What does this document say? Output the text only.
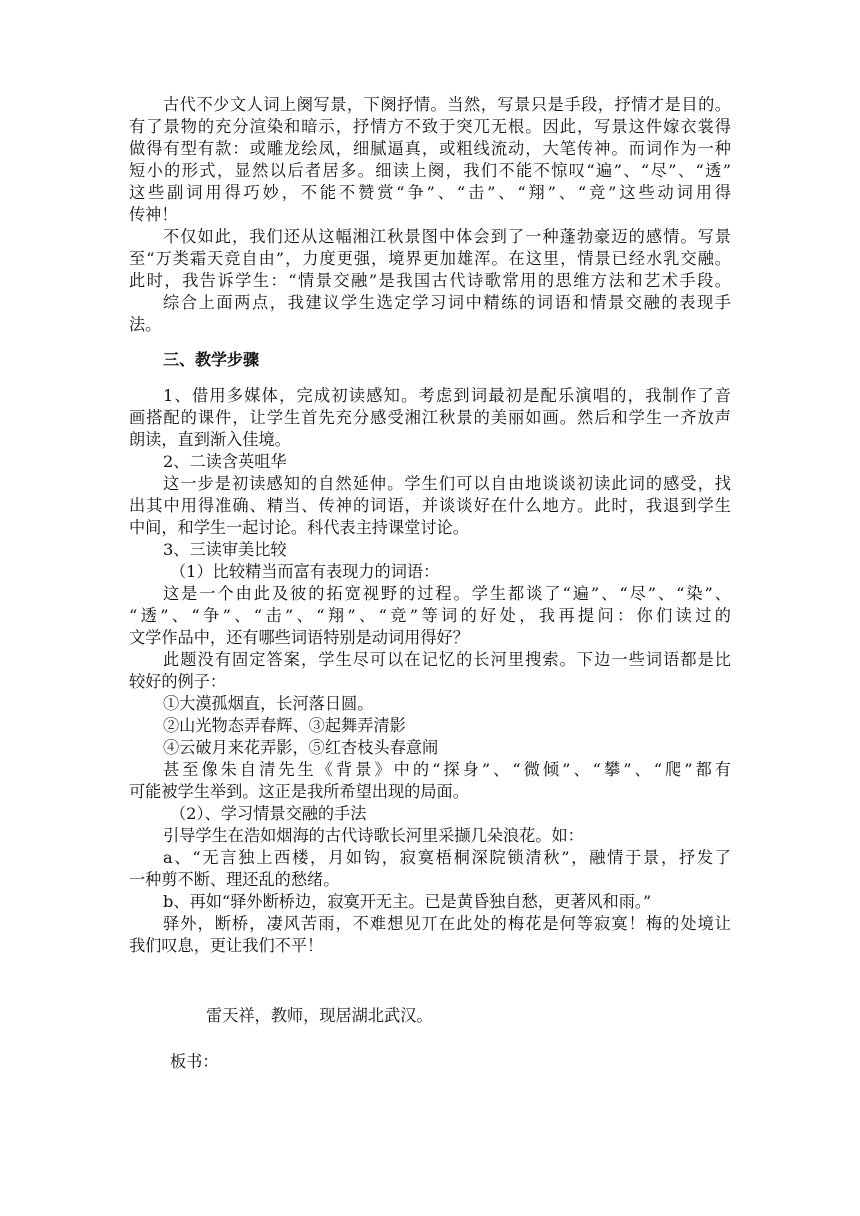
古代不少文人词上阕写景，下阕抒情。当然，写景只是手段，抒情才是目的。
有了景物的充分渲染和暗示，抒情方不致于突兀无根。因此，写景这件嫁衣裳得
做得有型有款：或雕龙绘凤，细腻逼真，或粗线流动，大笔传神。而词作为一种
短小的形式，显然以后者居多。细读上阕，我们不能不惊叹“遍”、“尽”、“透”
这些副词用得巧妙，不能不赞赏“争”、“击”、“翔”、“竞”这些动词用得
传神！
不仅如此，我们还从这幅湘江秋景图中体会到了一种蓬勃豪迈的感情。写景
至“万类霜天竞自由”，力度更强，境界更加雄浑。在这里，情景已经水乳交融。
此时，我告诉学生：“情景交融”是我国古代诗歌常用的思维方法和艺术手段。
综合上面两点，我建议学生选定学习词中精练的词语和情景交融的表现手
法。
三、教学步骤
1、借用多媒体，完成初读感知。考虑到词最初是配乐演唱的，我制作了音
画搭配的课件，让学生首先充分感受湘江秋景的美丽如画。然后和学生一齐放声
朗读，直到渐入佳境。
2、二读含英咀华
这一步是初读感知的自然延伸。学生们可以自由地谈谈初读此词的感受，找
出其中用得准确、精当、传神的词语，并谈谈好在什么地方。此时，我退到学生
中间，和学生一起讨论。科代表主持课堂讨论。
3、三读审美比较
（1）比较精当而富有表现力的词语：
这是一个由此及彼的拓宽视野的过程。学生都谈了“遍”、“尽”、“染”、
“透”、“争”、“击”、“翔”、“竞”等词的好处，我再提问：你们读过的
文学作品中，还有哪些词语特别是动词用得好？
此题没有固定答案，学生尽可以在记忆的长河里搜索。下边一些词语都是比
较好的例子：
①大漠孤烟直，长河落日圆。
②山光物态弄春辉、③起舞弄清影
④云破月来花弄影，⑤红杏枝头春意闹
甚至像朱自清先生《背景》中的“探身”、“微倾”、“攀”、“爬”都有
可能被学生举到。这正是我所希望出现的局面。
（2）、学习情景交融的手法
引导学生在浩如烟海的古代诗歌长河里采撷几朵浪花。如：
a、“无言独上西楼，月如钩，寂寞梧桐深院锁清秋”，融情于景，抒发了
一种剪不断、理还乱的愁绪。
b、再如“驿外断桥边，寂寞开无主。已是黄昏独自愁，更著风和雨。”
驿外，断桥，凄风苦雨，不难想见丌在此处的梅花是何等寂寞！梅的处境让
我们叹息，更让我们不平！
雷天祥，教师，现居湖北武汉。
板书：
